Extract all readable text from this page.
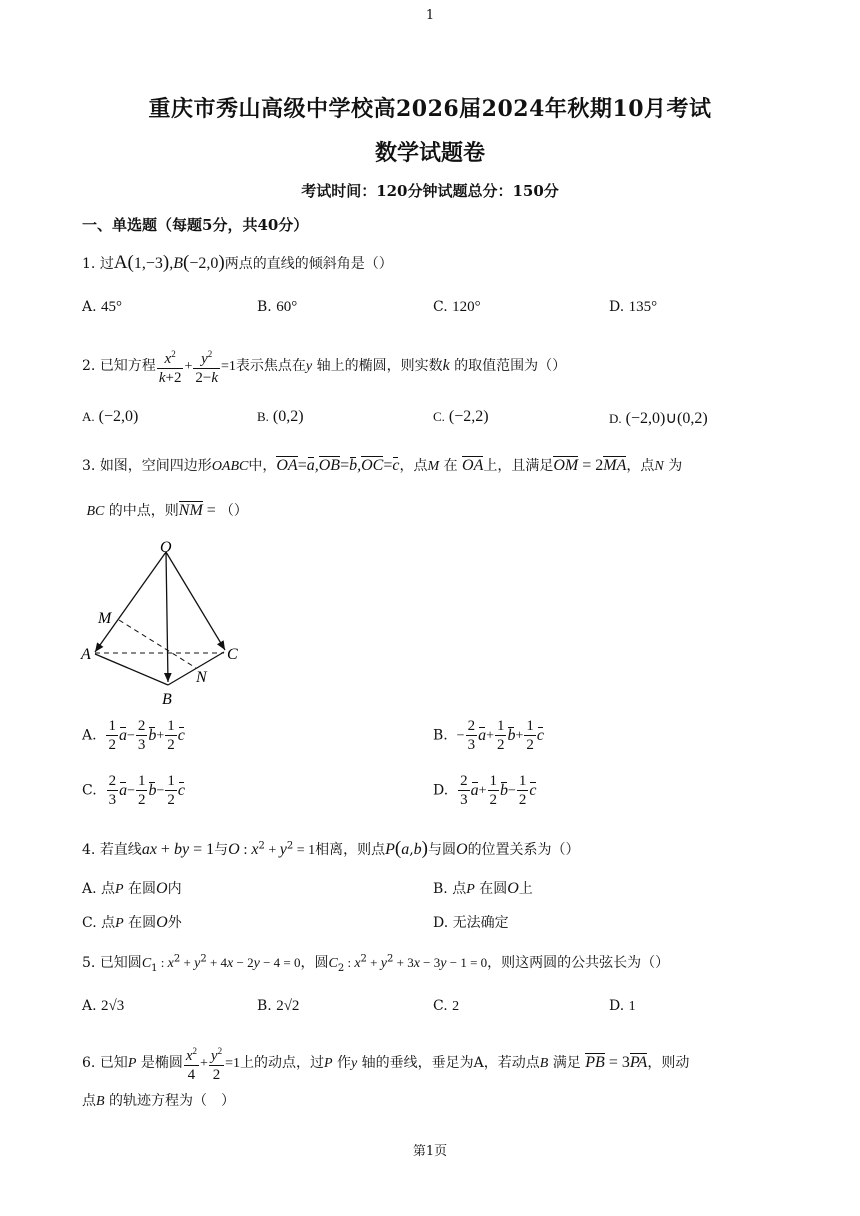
1
重庆市秀山高级中学校高2026届2024年秋期10月考试
数学试题卷
考试时间：120分钟试题总分：150分
一、单选题（每题5分，共40分）
1. 过A(1,−3),B(−2,0)两点的直线的倾斜角是（）
A. 45°	B. 60°	C. 120°	D. 135°
2. 已知方程 $\frac{x^2}{k+2} + \frac{y^2}{2-k} =1$表示焦点在y 轴上的椭圆，则实数k 的取值范围为（）
A. (−2,0)	B. (0,2)	C. (−2,2)	D. (−2,0)∪(0,2)
3. 如图，空间四边形OABC中，OA=a,OB=b,OC=c，点M 在 OA上，且满足OM = 2MA，点N 为
BC 的中点，则NM = （）
O
M
A
B
C
N
A. $\frac{1}{2} a- \frac{2}{3} b+ \frac{1}{2}$ c	B. − $\frac{2}{3} a+ \frac{1}{2} b+ \frac{1}{2}$ c
C. $\frac{2}{3} a- \frac{1}{2} b- \frac{1}{2}$ c	D. $\frac{2}{3} a+ \frac{1}{2} b- \frac{1}{2}$ c
4. 若直线ax + by = 1与O : $x^2 + y^2 = 1$相离，则点P(a,b)与圆O的位置关系为（）
A. 点P 在圆O内	B. 点P 在圆O上
C. 点P 在圆O外	D. 无法确定
5. 已知圆$C_1$ : $x^2 + y^2 + 4x - 2y - 4 = 0$，圆$C_2$ : $x^2 + y^2 + 3x - 3y - 1 = 0$，则这两圆的公共弦长为（）
A. 2√3	B. 2√2	C. 2	D. 1
6. 已知P 是椭圆 $\frac{x^2}{4} + \frac{y^2}{2} =1$上的动点，过P 作y 轴的垂线，垂足为A，若动点B 满足 PB = 3PA，则动
点B 的轨迹方程为（　）
第1页
